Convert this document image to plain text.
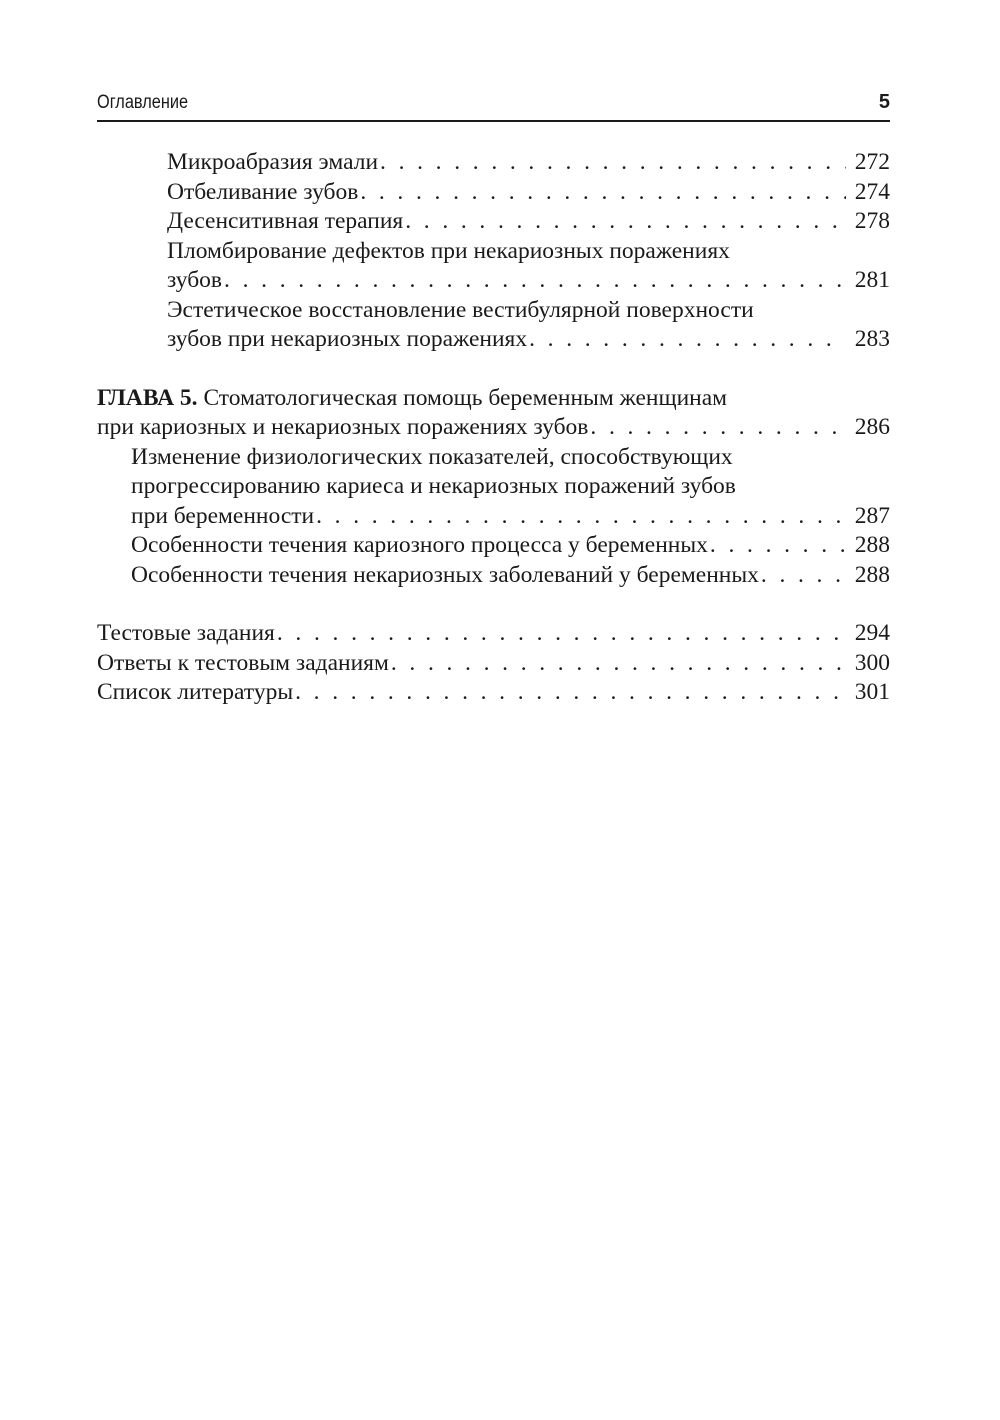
Оглавление	5
Микроабразия эмали . . .	272
Отбеливание зубов . . .	274
Десенситивная терапия . . .	278
Пломбирование дефектов при некариозных поражениях
зубов . . .	281
Эстетическое восстановление вестибулярной поверхности
зубов при некариозных поражениях . . .	283
ГЛАВА 5. Стоматологическая помощь беременным женщинам
при кариозных и некариозных поражениях зубов . . .	286
Изменение физиологических показателей, способствующих
прогрессированию кариеса и некариозных поражений зубов
при беременности . . .	287
Особенности течения кариозного процесса у беременных . . .	288
Особенности течения некариозных заболеваний у беременных . . .	288
Тестовые задания . . .	294
Ответы к тестовым заданиям . . .	300
Список литературы . . .	301
